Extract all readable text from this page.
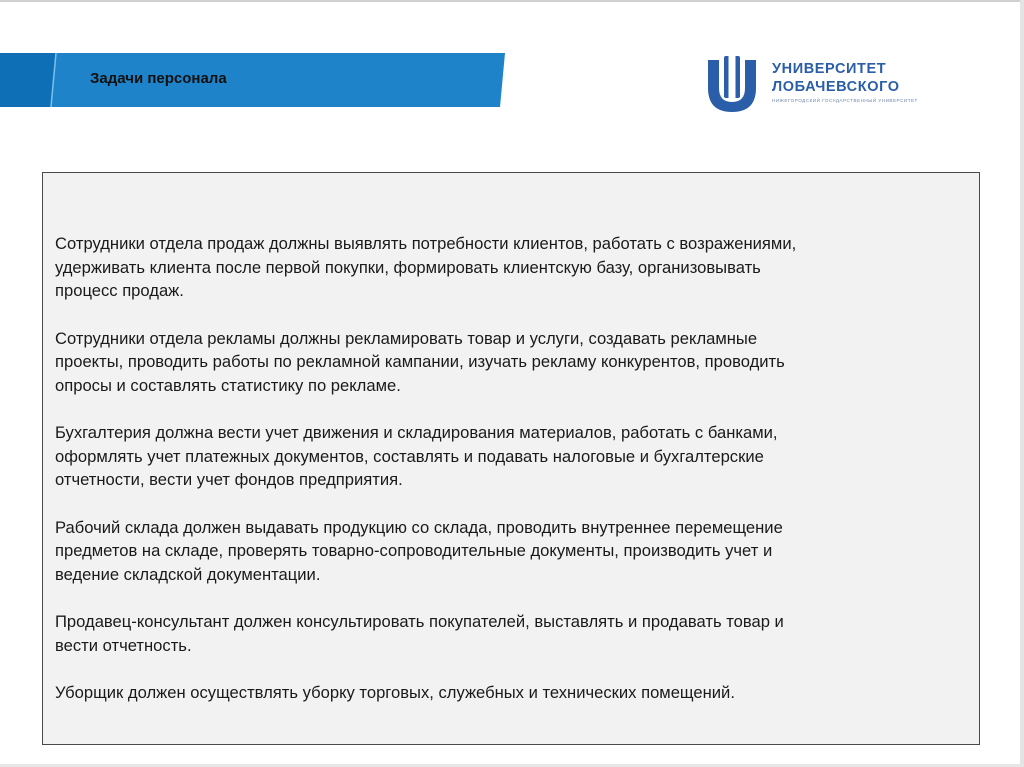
Задачи персонала
УНИВЕРСИТЕТ
ЛОБАЧЕВСКОГО
НИЖЕГОРОДСКИЙ ГОСУДАРСТВЕННЫЙ УНИВЕРСИТЕТ

Сотрудники отдела продаж должны выявлять потребности клиентов, работать с возражениями,
удерживать клиента после первой покупки, формировать клиентскую базу, организовывать
процесс продаж.

Сотрудники отдела рекламы должны рекламировать товар и услуги, создавать рекламные
проекты, проводить работы по рекламной кампании, изучать рекламу конкурентов, проводить
опросы и составлять статистику по рекламе.

Бухгалтерия должна вести учет движения и складирования материалов, работать с банками,
оформлять учет платежных документов, составлять и подавать налоговые и бухгалтерские
отчетности, вести учет фондов предприятия.

Рабочий склада должен выдавать продукцию со склада, проводить внутреннее перемещение
предметов на складе, проверять товарно-сопроводительные документы, производить учет и
ведение складской документации.

Продавец-консультант должен консультировать покупателей, выставлять и продавать товар и
вести отчетность.

Уборщик должен осуществлять уборку торговых, служебных и технических помещений.
